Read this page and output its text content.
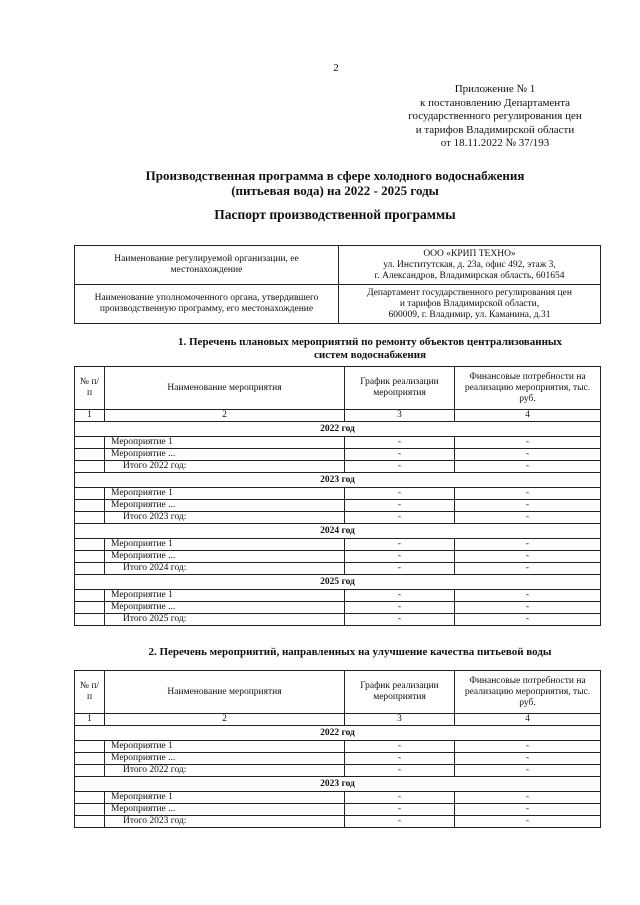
2
Приложение № 1
к постановлению Департамента
государственного регулирования цен
и тарифов Владимирской области
от 18.11.2022 № 37/193
Производственная программа в сфере холодного водоснабжения
(питьевая вода) на 2022 - 2025 годы
Паспорт производственной программы
Наименование регулируемой организации, ее местонахождение	ООО «КРИП ТЕХНО»
ул. Институтская, д. 23а, офис 492, этаж 3,
г. Александров, Владимирская область, 601654

Наименование уполномоченного органа, утвердившего производственную программу, его местонахождение	Департамент государственного регулирования цен
и тарифов Владимирской области,
600009, г. Владимир, ул. Каманина, д.31
1. Перечень плановых мероприятий по ремонту объектов централизованных
систем водоснабжения
№ п/п	Наименование мероприятия	График реализации мероприятия	Финансовые потребности на реализацию мероприятия, тыс. руб.
1	2	3	4
2022 год			
	Мероприятие 1	-	-
	Мероприятие ...	-	-
	Итого 2022 год:	-	-
2023 год			
	Мероприятие 1	-	-
	Мероприятие ...	-	-
	Итого 2023 год:	-	-
2024 год			
	Мероприятие 1	-	-
	Мероприятие ...	-	-
	Итого 2024 год:	-	-
2025 год			
	Мероприятие 1	-	-
	Мероприятие ...	-	-
	Итого 2025 год:	-	-
2. Перечень мероприятий, направленных на улучшение качества питьевой воды
№ п/п	Наименование мероприятия	График реализации мероприятия	Финансовые потребности на реализацию мероприятия, тыс. руб.
1	2	3	4
2022 год			
	Мероприятие 1	-	-
	Мероприятие ...	-	-
	Итого 2022 год:	-	-
2023 год			
	Мероприятие 1	-	-
	Мероприятие ...	-	-
	Итого 2023 год:	-	-
